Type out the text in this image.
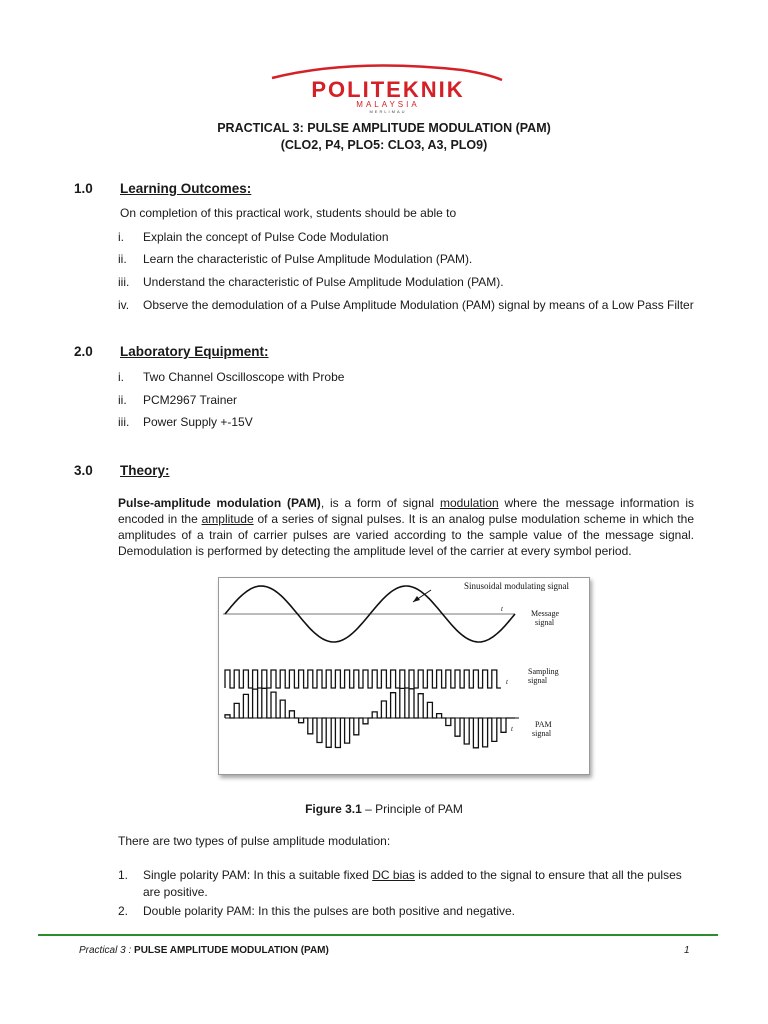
POLITEKNIK
MALAYSIA
MERLIMAU
PRACTICAL 3: PULSE AMPLITUDE MODULATION (PAM)
(CLO2, P4, PLO5: CLO3, A3, PLO9)
1.0 Learning Outcomes:
On completion of this practical work, students should be able to
i. Explain the concept of Pulse Code Modulation
ii. Learn the characteristic of Pulse Amplitude Modulation (PAM).
iii. Understand the characteristic of Pulse Amplitude Modulation (PAM).
iv. Observe the demodulation of a Pulse Amplitude Modulation (PAM) signal by means of a Low Pass Filter
2.0 Laboratory Equipment:
i. Two Channel Oscilloscope with Probe
ii. PCM2967 Trainer
iii. Power Supply +-15V
3.0 Theory:
Pulse-amplitude modulation (PAM), is a form of signal modulation where the message information is encoded in the amplitude of a series of signal pulses. It is an analog pulse modulation scheme in which the amplitudes of a train of carrier pulses are varied according to the sample value of the message signal. Demodulation is performed by detecting the amplitude level of the carrier at every symbol period.
Sinusoidal modulating signal
t	Message
signal
t
Sampling
signal
t	PAM
signal
Figure 3.1 – Principle of PAM
There are two types of pulse amplitude modulation:
1. Single polarity PAM: In this a suitable fixed DC bias is added to the signal to ensure that all the pulses are positive.
2. Double polarity PAM: In this the pulses are both positive and negative.
Practical 3 : PULSE AMPLITUDE MODULATION (PAM)	1
